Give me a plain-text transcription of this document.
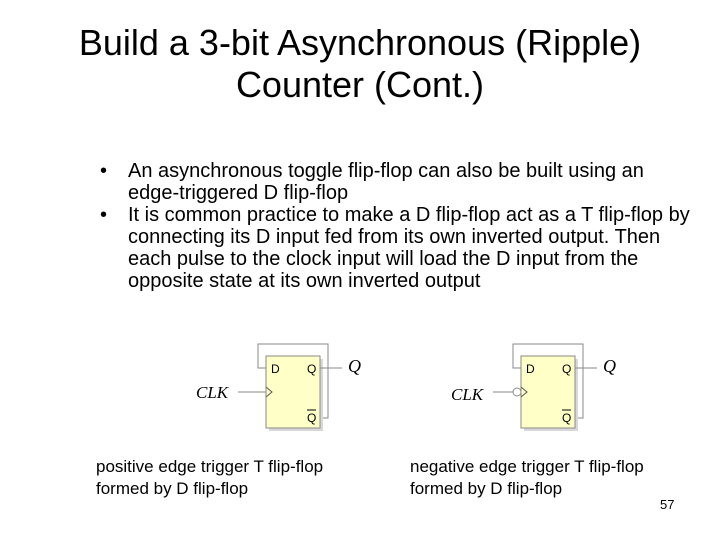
Build a 3-bit Asynchronous (Ripple)
Counter (Cont.)
• An asynchronous toggle flip-flop can also be built using an edge-triggered D flip-flop
• It is common practice to make a D flip-flop act as a T flip-flop by connecting its D input fed from its own inverted output. Then each pulse to the clock input will load the D input from the opposite state at its own inverted output
D Q
Q
Q
CLK
D Q
Q
Q
CLK
positive edge trigger T flip-flop
formed by D flip-flop
negative edge trigger T flip-flop
formed by D flip-flop
57
